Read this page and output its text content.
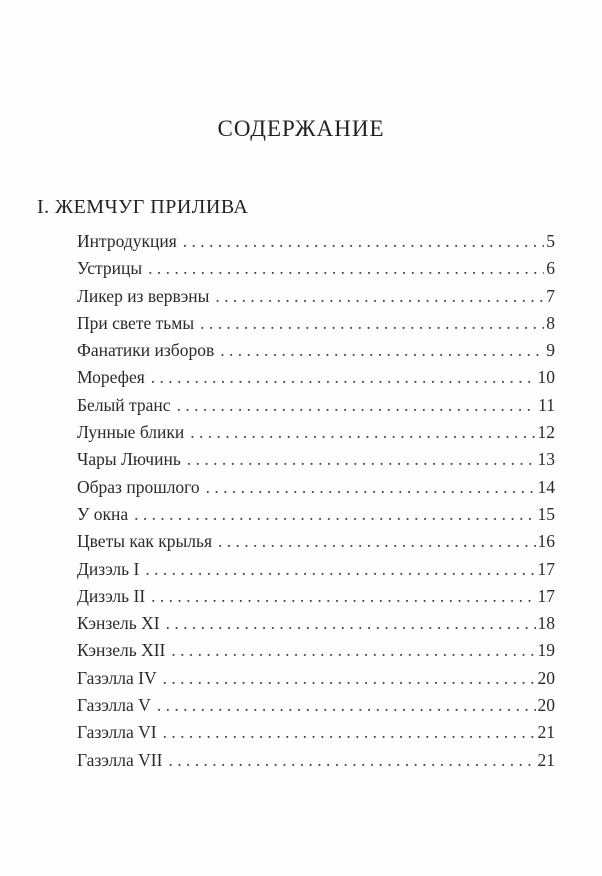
СОДЕРЖАНИЕ
I. ЖЕМЧУГ ПРИЛИВА
Интродукция . . .	5
Устрицы . . .	6
Ликер из вервэны . . .	7
При свете тьмы . . .	8
Фанатики изборов . . .	9
Морефея . . .	10
Белый транс . . .	11
Лунные блики . . .	12
Чары Лючинь . . .	13
Образ прошлого . . .	14
У окна . . .	15
Цветы как крылья . . .	16
Дизэль I . . .	17
Дизэль II . . .	17
Кэнзель XI . . .	18
Кэнзель XII . . .	19
Газэлла IV . . .	20
Газэлла V . . .	20
Газэлла VI . . .	21
Газэлла VII . . .	21
